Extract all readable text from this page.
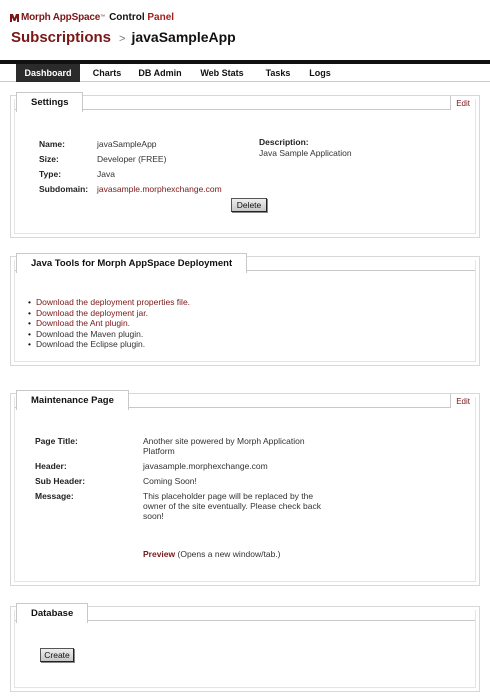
Morph AppSpace ™ Control Panel
Subscriptions > javaSampleApp
Dashboard	Charts	DB Admin	Web Stats	Tasks	Logs
Settings	Edit
Name:	javaSampleApp
Size:	Developer (FREE)
Type:	Java
Subdomain: javasample.morphexchange.com
Description:
Java Sample Application
Delete
Java Tools for Morph AppSpace Deployment
• Download the deployment properties file.
• Download the deployment jar.
• Download the Ant plugin.
• Download the Maven plugin.
• Download the Eclipse plugin.
Maintenance Page	Edit
Page Title:	Another site powered by Morph Application Platform
Header:	javasample.morphexchange.com
Sub Header:	Coming Soon!
Message:	This placeholder page will be replaced by the owner of the site eventually. Please check back soon!
Preview (Opens a new window/tab.)
Database
Create
